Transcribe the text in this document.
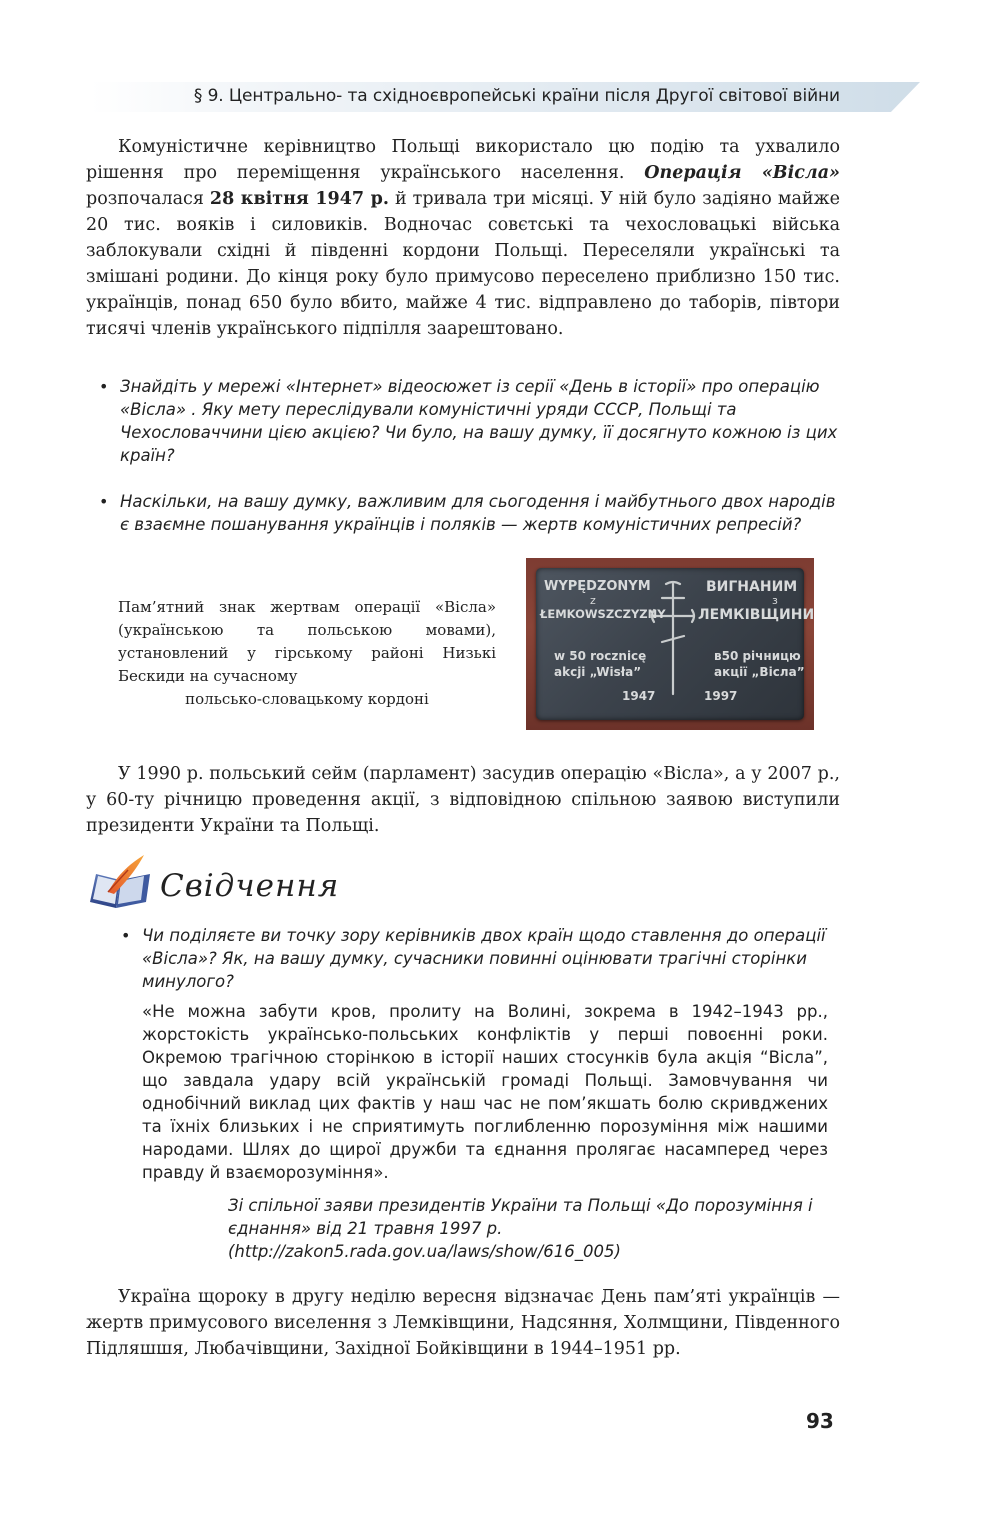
§ 9. Центрально- та східноєвропейські країни після Другої світової війни
Комуністичне керівництво Польщі використало цю подію та ухвалило рішення про переміщення українського населення. Операція «Вісла» розпочалася 28 квітня 1947 р. й тривала три місяці. У ній було задіяно майже 20 тис. вояків і силовиків. Водночас совєтські та чехословацькі війська заблокували східні й південні кордони Польщі. Переселяли українські та змішані родини. До кінця року було примусово переселено приблизно 150 тис. українців, понад 650 було вбито, майже 4 тис. відправлено до таборів, півтори тисячі членів українського підпілля заарештовано.
• Знайдіть у мережі «Інтернет» відеосюжет із серії «День в історії» про операцію «Вісла» . Яку мету переслідували комуністичні уряди СССР, Польщі та Чехословаччини цією акцією? Чи було, на вашу думку, її досягнуто кожною із цих країн?
• Наскільки, на вашу думку, важливим для сьогодення і майбутнього двох народів є взаємне пошанування українців і поляків — жертв комуністичних репресій?
Пам’ятний знак жертвам операції «Вісла» (українською та польською мовами), установлений у гірському районі Низькі Бескиди на сучасному
польсько-словацькому кордоні
WYPĘDZONYM
z
ŁEMKOWSZCZYZNY
w 50 rocznicę
akcji „Wisła”
1947
ВИГНАНИМ
з
ЛЕМКІВЩИНИ
в50 річницю
акції „Вісла”
1997
У 1990 р. польський сейм (парламент) засудив операцію «Вісла», а у 2007 р., у 60-ту річницю проведення акції, з відповідною спільною заявою виступили президенти України та Польщі.
Свідчення
• Чи поділяєте ви точку зору керівників двох країн щодо ставлення до операції «Вісла»? Як, на вашу думку, сучасники повинні оцінювати трагічні сторінки минулого?
«Не можна забути кров, пролиту на Волині, зокрема в 1942–1943 рр., жорстокість українсько-польських конфліктів у перші повоєнні роки. Окремою трагічною сторінкою в історії наших стосунків була акція “Вісла”, що завдала удару всій українській громаді Польщі. Замовчування чи однобічний виклад цих фактів у наш час не пом’якшать болю скривджених та їхніх близьких і не сприятимуть поглибленню порозуміння між нашими народами. Шлях до щирої дружби та єднання пролягає насамперед через правду й взаєморозуміння».
Зі спільної заяви президентів України та Польщі «До порозуміння і єднання» від 21 травня 1997 р. (http://zakon5.rada.gov.ua/laws/show/616_005)
Україна щороку в другу неділю вересня відзначає День пам’яті українців — жертв примусового виселення з Лемківщини, Надсяння, Холмщини, Південного Підляшшя, Любачівщини, Західної Бойківщини в 1944–1951 рр.
93
